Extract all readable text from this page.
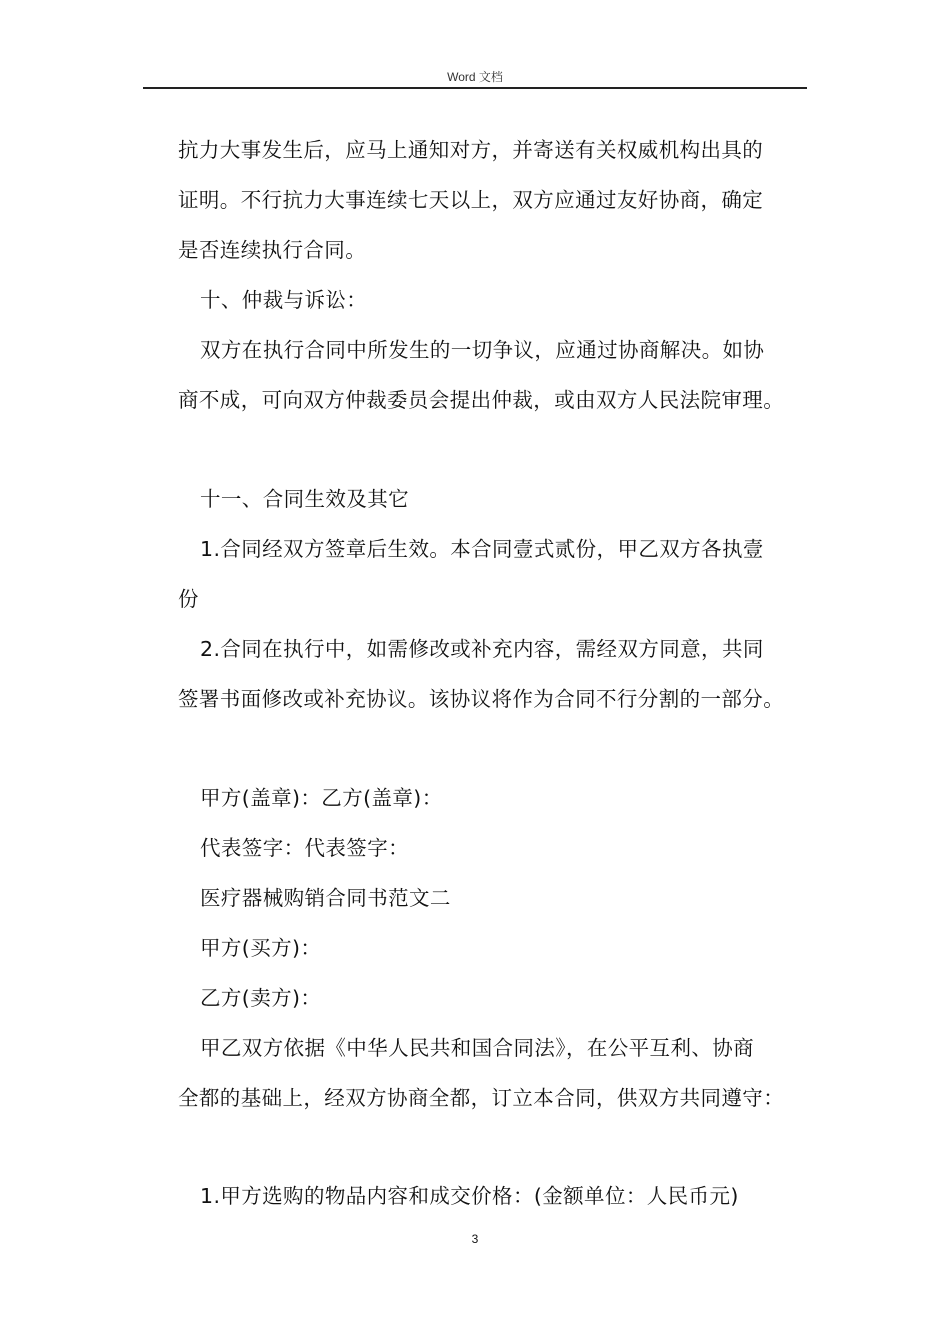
Word 文档
抗力大事发生后，应马上通知对方，并寄送有关权威机构出具的
证明。不行抗力大事连续七天以上，双方应通过友好协商，确定
是否连续执行合同。
十、仲裁与诉讼：
双方在执行合同中所发生的一切争议，应通过协商解决。如协
商不成，可向双方仲裁委员会提出仲裁，或由双方人民法院审理。
十一、合同生效及其它
1.合同经双方签章后生效。本合同壹式贰份，甲乙双方各执壹
份
2.合同在执行中，如需修改或补充内容，需经双方同意，共同
签署书面修改或补充协议。该协议将作为合同不行分割的一部分。
甲方(盖章)：乙方(盖章)：
代表签字：代表签字：
医疗器械购销合同书范文二
甲方(买方)：
乙方(卖方)：
甲乙双方依据《中华人民共和国合同法》，在公平互利、协商
全都的基础上，经双方协商全都，订立本合同，供双方共同遵守：
1.甲方选购的物品内容和成交价格：(金额单位：人民币元)
3
